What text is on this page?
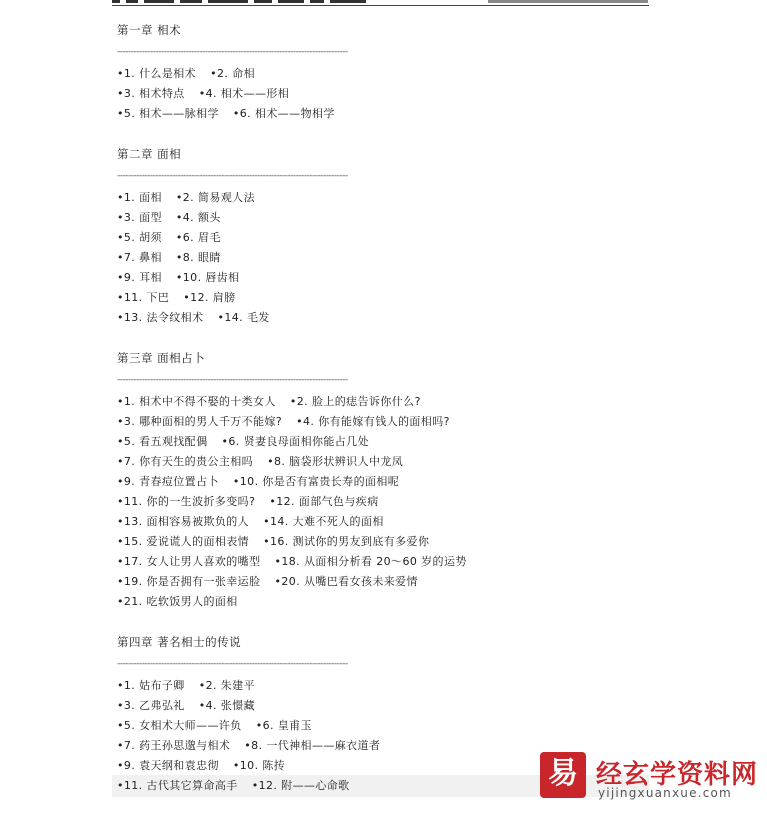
第一章 相术
------------------------------------------------------------------------------------
•1. 什么是相术 •2. 命相
•3. 相术特点 •4. 相术——形相
•5. 相术——脉相学 •6. 相术——物相学
第二章 面相
------------------------------------------------------------------------------------
•1. 面相 •2. 简易观人法
•3. 面型 •4. 额头
•5. 胡须 •6. 眉毛
•7. 鼻相 •8. 眼睛
•9. 耳相 •10. 唇齿相
•11. 下巴 •12. 肩膀
•13. 法令纹相术 •14. 毛发
第三章 面相占卜
------------------------------------------------------------------------------------
•1. 相术中不得不娶的十类女人 •2. 脸上的痣告诉你什么?
•3. 哪种面相的男人千万不能嫁? •4. 你有能嫁有钱人的面相吗?
•5. 看五观找配偶 •6. 贤妻良母面相你能占几处
•7. 你有天生的贵公主相吗 •8. 脑袋形状辨识人中龙凤
•9. 青春痘位置占卜 •10. 你是否有富贵长寿的面相呢
•11. 你的一生波折多变吗? •12. 面部气色与疾病
•13. 面相容易被欺负的人 •14. 大难不死人的面相
•15. 爱说谎人的面相表情 •16. 测试你的男友到底有多爱你
•17. 女人让男人喜欢的嘴型 •18. 从面相分析看 20～60 岁的运势
•19. 你是否拥有一张幸运脸 •20. 从嘴巴看女孩未来爱情
•21. 吃软饭男人的面相
第四章 著名相士的传说
------------------------------------------------------------------------------------
•1. 姑布子卿 •2. 朱建平
•3. 乙弗弘礼 •4. 张憬藏
•5. 女相术大师——许负 •6. 皇甫玉
•7. 药王孙思邈与相术 •8. 一代神相——麻衣道者
•9. 袁天纲和袁忠彻 •10. 陈抟
•11. 古代其它算命高手 •12. 附——心命歌	易 经玄学资料网
yijingxuanxue.com
